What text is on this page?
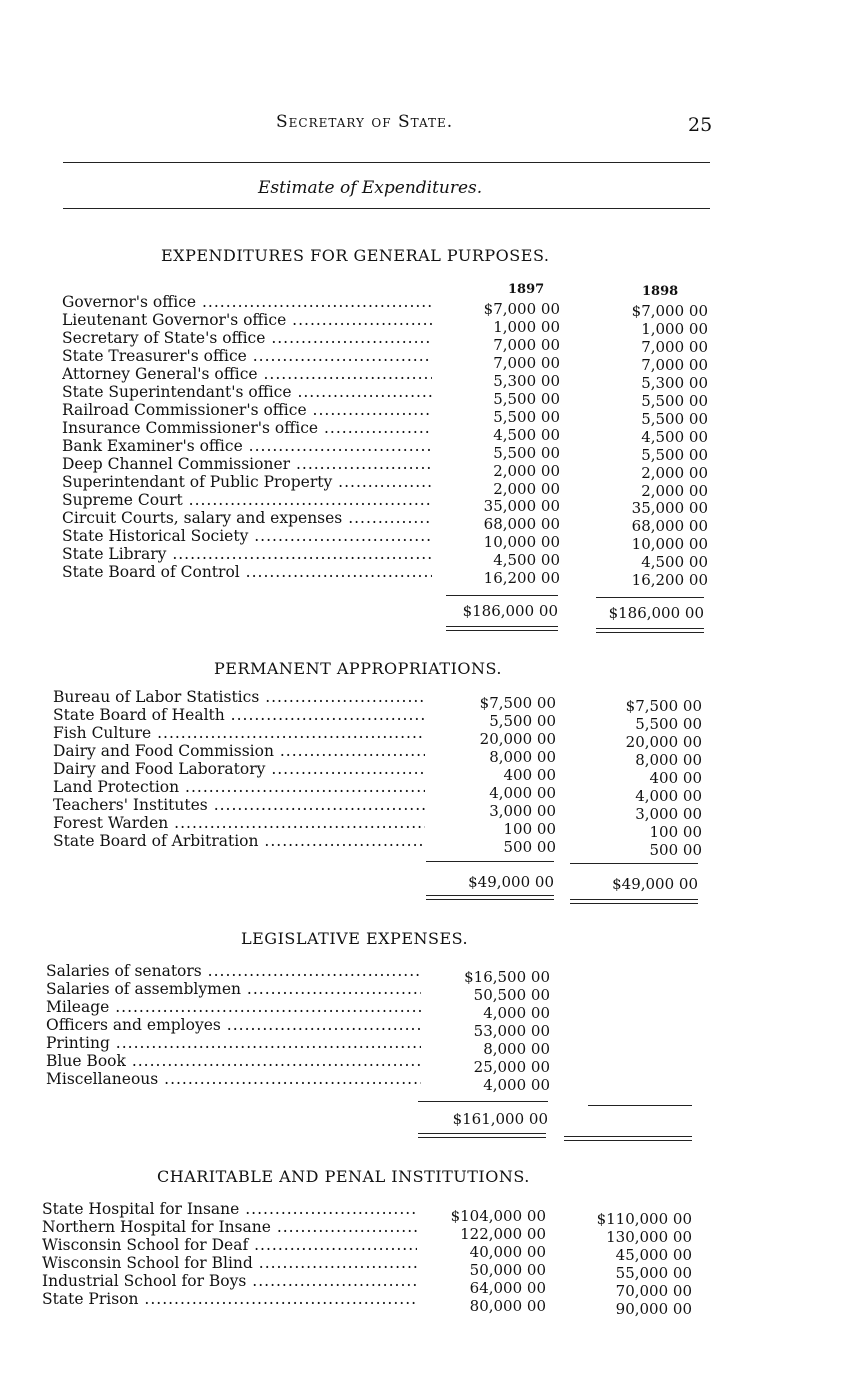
Secretary of State.	25
Estimate of Expenditures.
EXPENDITURES FOR GENERAL PURPOSES.
1897	1898
Governor's office .....	$7,000 00	$7,000 00
Lieutenant Governor's office .....	1,000 00	1,000 00
Secretary of State's office .....	7,000 00	7,000 00
State Treasurer's office .....	7,000 00	7,000 00
Attorney General's office .....	5,300 00	5,300 00
State Superintendant's office .....	5,500 00	5,500 00
Railroad Commissioner's office .....	5,500 00	5,500 00
Insurance Commissioner's office .....	4,500 00	4,500 00
Bank Examiner's office .....	5,500 00	5,500 00
Deep Channel Commissioner .....	2,000 00	2,000 00
Superintendant of Public Property .....	2,000 00	2,000 00
Supreme Court .....	35,000 00	35,000 00
Circuit Courts, salary and expenses .....	68,000 00	68,000 00
State Historical Society .....	10,000 00	10,000 00
State Library .....	4,500 00	4,500 00
State Board of Control .....	16,200 00	16,200 00
$186,000 00	$186,000 00
PERMANENT APPROPRIATIONS.
Bureau of Labor Statistics .....	$7,500 00	$7,500 00
State Board of Health .....	5,500 00	5,500 00
Fish Culture .....	20,000 00	20,000 00
Dairy and Food Commission .....	8,000 00	8,000 00
Dairy and Food Laboratory .....	400 00	400 00
Land Protection .....	4,000 00	4,000 00
Teachers' Institutes .....	3,000 00	3,000 00
Forest Warden .....	100 00	100 00
State Board of Arbitration .....	500 00	500 00
$49,000 00	$49,000 00
LEGISLATIVE EXPENSES.
Salaries of senators .....	$16,500 00
Salaries of assemblymen .....	50,500 00
Mileage .....	4,000 00
Officers and employes .....	53,000 00
Printing .....	8,000 00
Blue Book .....	25,000 00
Miscellaneous .....	4,000 00
$161,000 00
CHARITABLE AND PENAL INSTITUTIONS.
State Hospital for Insane .....	$104,000 00	$110,000 00
Northern Hospital for Insane .....	122,000 00	130,000 00
Wisconsin School for Deaf .....	40,000 00	45,000 00
Wisconsin School for Blind .....	50,000 00	55,000 00
Industrial School for Boys .....	64,000 00	70,000 00
State Prison .....	80,000 00	90,000 00
